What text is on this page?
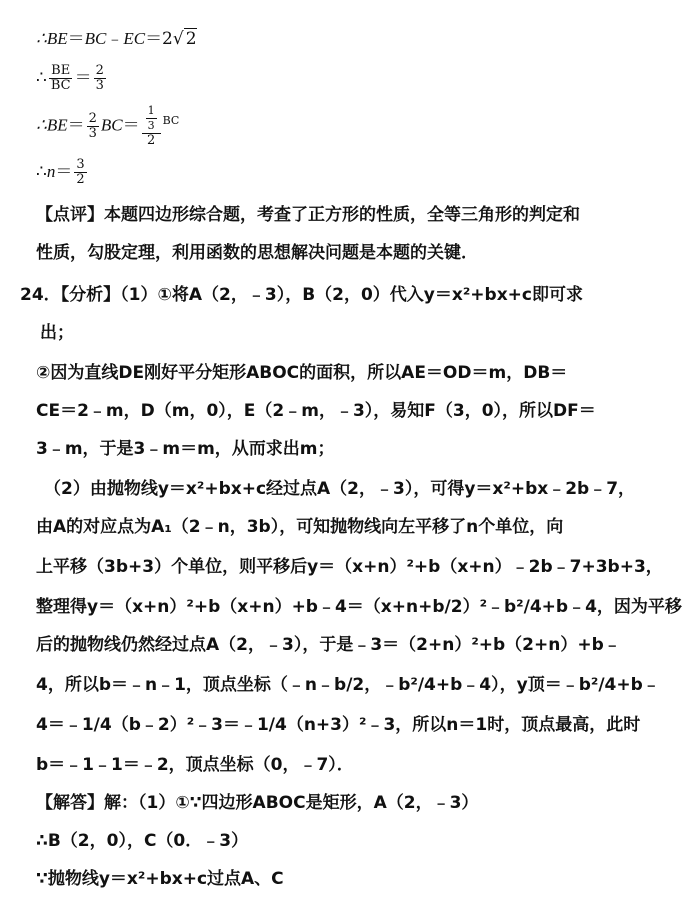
∴BE＝BC﹣EC＝2√ 2
∴ $\frac{BE}{BC} = \frac{2}{3}$
∴BE＝ $\frac{2}{3} BC= \frac{\frac{1}{3}}{2} ^{BC}$
∴n＝ $\frac{3}{2}$
【点评】本题四边形综合题，考查了正方形的性质，全等三角形的判定和
性质，勾股定理，利用函数的思想解决问题是本题的关键．
24．【分析】（1）①将A（2，﹣3），B（2，0）代入y＝x²+bx+c即可求
出；
②因为直线DE刚好平分矩形ABOC的面积，所以AE＝OD＝m，DB＝
CE＝2﹣m，D（m，0），E（2﹣m，﹣3），易知F（3，0），所以DF＝
3﹣m，于是3﹣m＝m，从而求出m；
（2）由抛物线y＝x²+bx+c经过点A（2，﹣3），可得y＝x²+bx﹣2b﹣7，
由A的对应点为A₁（2﹣n，3b），可知抛物线向左平移了n个单位，向
上平移（3b+3）个单位，则平移后y＝（x+n）²+b（x+n）﹣2b﹣7+3b+3，
整理得y＝（x+n）²+b（x+n）+b﹣4＝（x+n+b/2）²﹣b²/4+b﹣4，因为平移
后的抛物线仍然经过点A（2，﹣3），于是﹣3＝（2+n）²+b（2+n）+b﹣
4，所以b＝﹣n﹣1，顶点坐标（﹣n﹣b/2，﹣b²/4+b﹣4），y顶＝﹣b²/4+b﹣
4＝﹣1/4（b﹣2）²﹣3＝﹣1/4（n+3）²﹣3，所以n＝1时，顶点最高，此时
b＝﹣1﹣1＝﹣2，顶点坐标（0，﹣7）．
【解答】解：（1）①∵四边形ABOC是矩形，A（2，﹣3）
∴B（2，0），C（0．﹣3）
∵抛物线y＝x²+bx+c过点A、C
